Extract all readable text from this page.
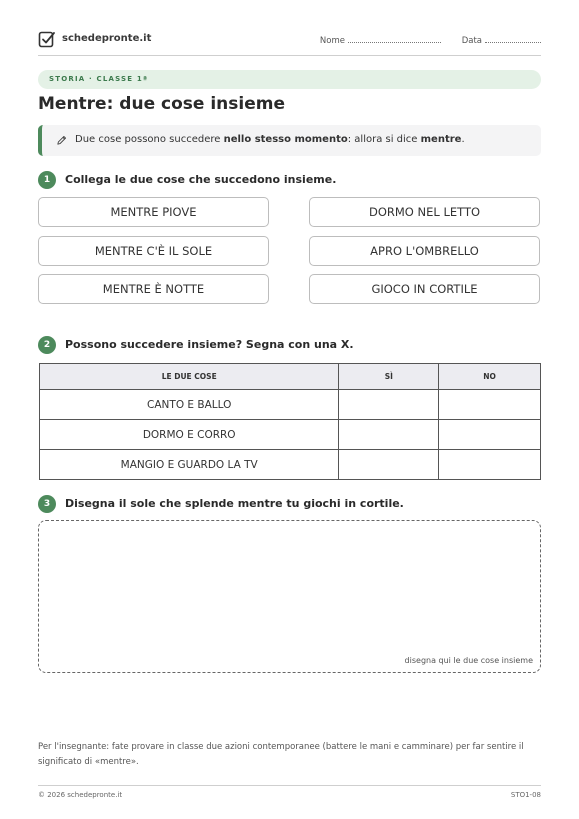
schedepronte.it	Nome	Data
STORIA · CLASSE 1ª
Mentre: due cose insieme
Due cose possono succedere nello stesso momento: allora si dice mentre.
1	Collega le due cose che succedono insieme.
MENTRE PIOVE
MENTRE C'È IL SOLE
MENTRE È NOTTE
DORMO NEL LETTO
APRO L'OMBRELLO
GIOCO IN CORTILE
2	Possono succedere insieme? Segna con una X.
LE DUE COSE	SÌ	NO
CANTO E BALLO		
DORMO E CORRO		
MANGIO E GUARDO LA TV		
3	Disegna il sole che splende mentre tu giochi in cortile.
disegna qui le due cose insieme

Per l'insegnante: fate provare in classe due azioni contemporanee (battere le mani e camminare) per far sentire il significato di «mentre».

© 2026 schedepronte.it	STO1-08
